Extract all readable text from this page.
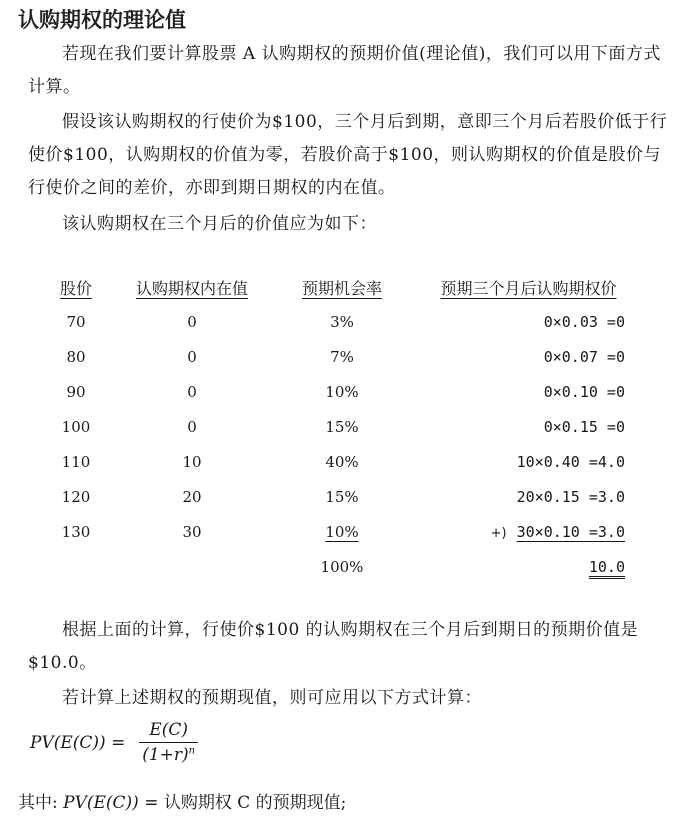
认购期权的理论值

若现在我们要计算股票 A 认购期权的预期价值(理论值)，我们可以用下面方式计算。

假设该认购期权的行使价为$100，三个月后到期，意即三个月后若股价低于行使价$100，认购期权的价值为零，若股价高于$100，则认购期权的价值是股价与行使价之间的差价，亦即到期日期权的内在值。

该认购期权在三个月后的价值应为如下：

股价	认购期权内在值	预期机会率	预期三个月后认购期权价
70	0	3%	0×0.03 =0
80	0	7%	0×0.07 =0
90	0	10%	0×0.10 =0
100	0	15%	0×0.15 =0
110	10	40%	10×0.40 =4.0
120	20	15%	20×0.15 =3.0
130	30	10%	+) 30×0.10 =3.0
		100%	10.0

根据上面的计算，行使价$100 的认购期权在三个月后到期日的预期价值是$10.0。

若计算上述期权的预期现值，则可应用以下方式计算：

$PV(E(C)) = \frac{E(C)}{(1+r)^n}$

其中: PV(E(C)) = 认购期权 C 的预期现值;
